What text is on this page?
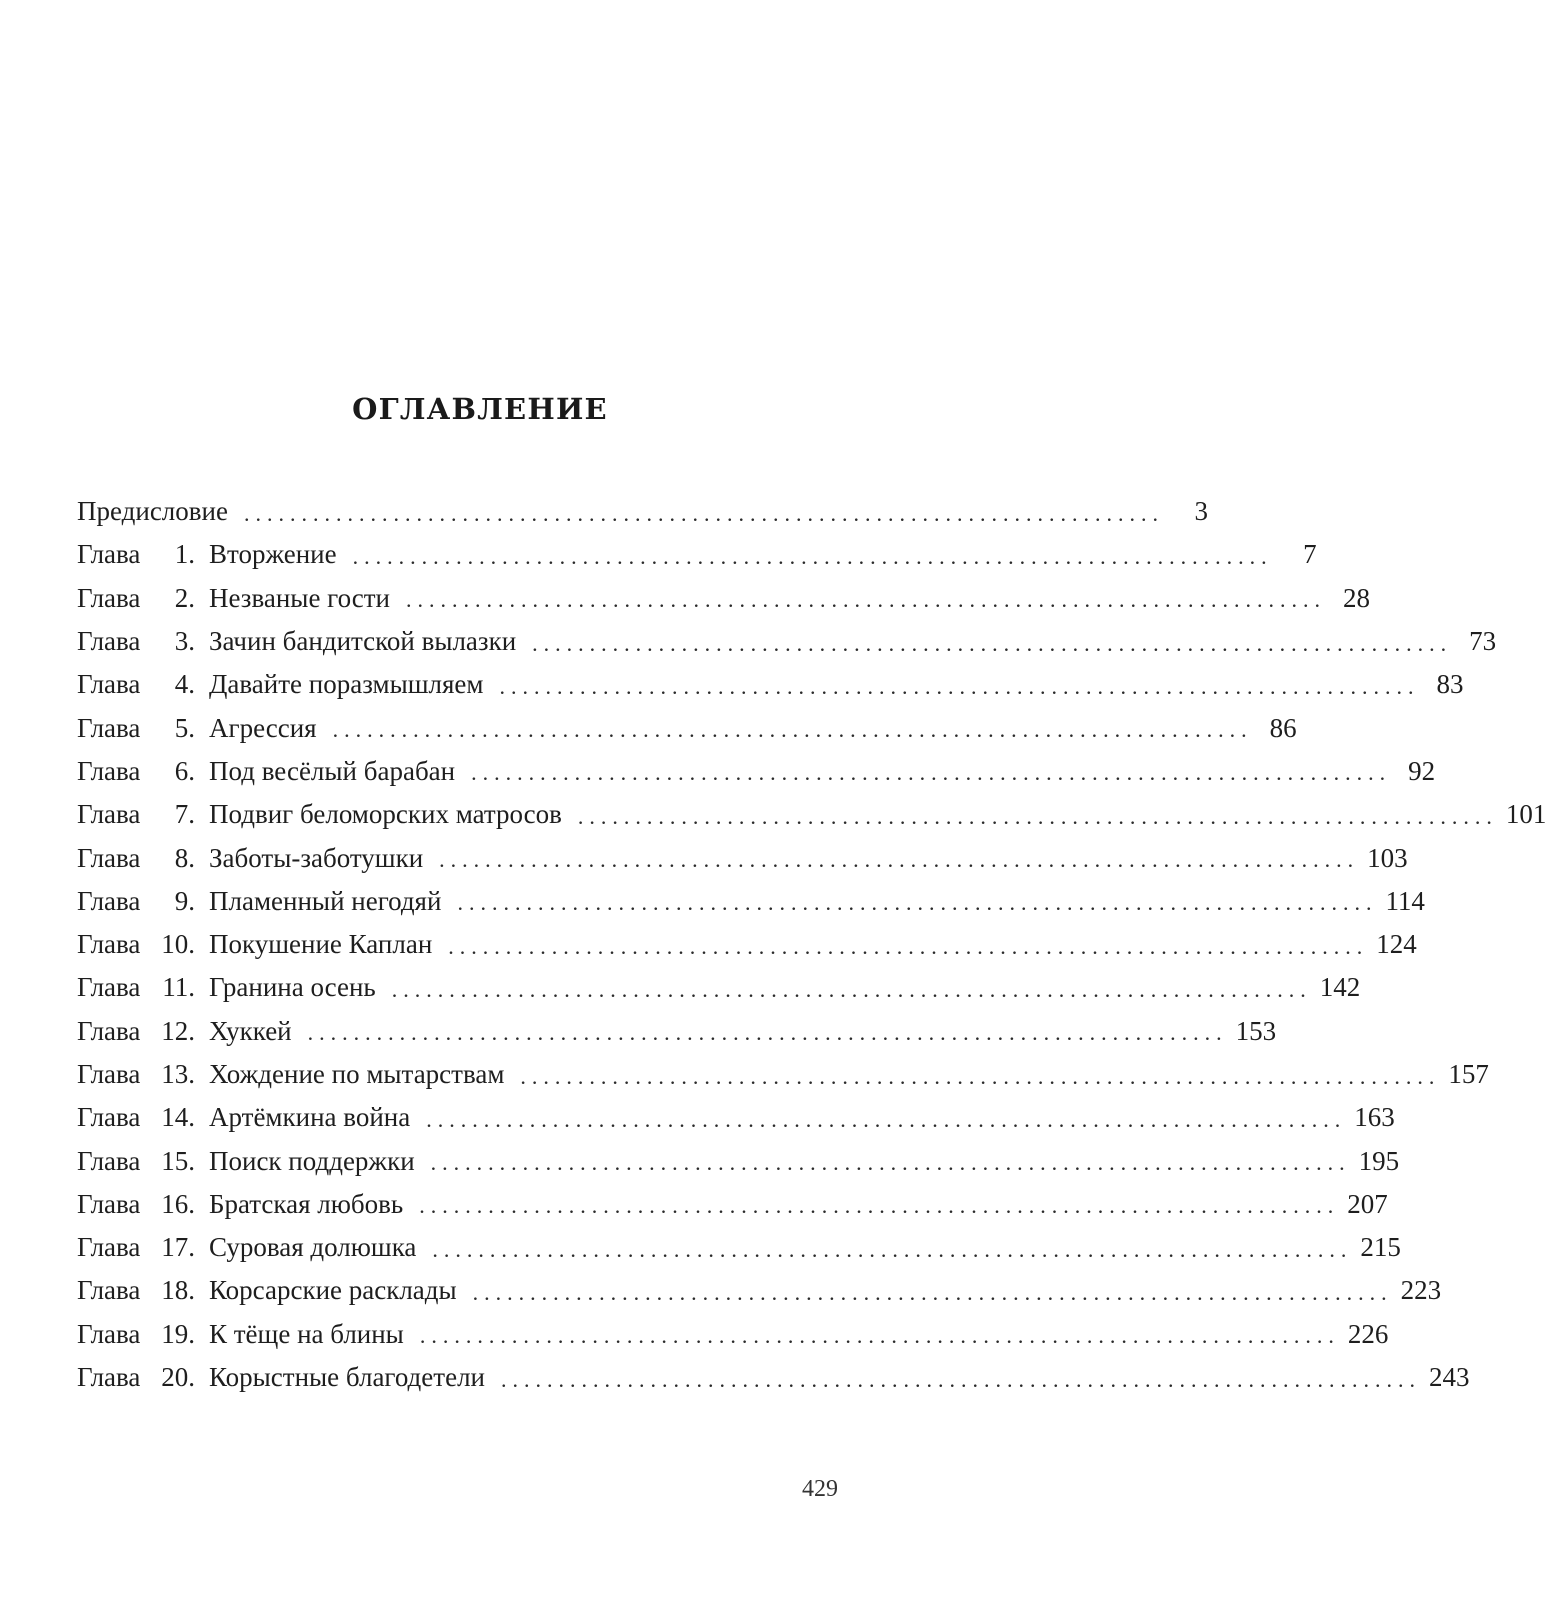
ОГЛАВЛЕНИЕ
Предисловие ................................................................................	3
Глава	1. Вторжение ................................................................................	7
Глава	2. Незваные гости ................................................................................ 28
Глава	3. Зачин бандитской вылазки ................................................................................ 73
Глава	4. Давайте поразмышляем ................................................................................ 83
Глава	5. Агрессия ................................................................................ 86
Глава	6. Под весёлый барабан ................................................................................ 92
Глава	7. Подвиг беломорских матросов ................................................................................ 101
Глава	8. Заботы-заботушки ................................................................................ 103
Глава	9. Пламенный негодяй ................................................................................ 114
Глава 10. Покушение Каплан ................................................................................ 124
Глава 11. Гранина осень ................................................................................ 142
Глава 12. Хуккей ................................................................................ 153
Глава 13. Хождение по мытарствам ................................................................................ 157
Глава 14. Артёмкина война ................................................................................ 163
Глава 15. Поиск поддержки ................................................................................ 195
Глава 16. Братская любовь ................................................................................ 207
Глава 17. Суровая долюшка ................................................................................ 215
Глава 18. Корсарские расклады ................................................................................ 223
Глава 19. К тёще на блины ................................................................................ 226
Глава 20. Корыстные благодетели ................................................................................ 243
429
